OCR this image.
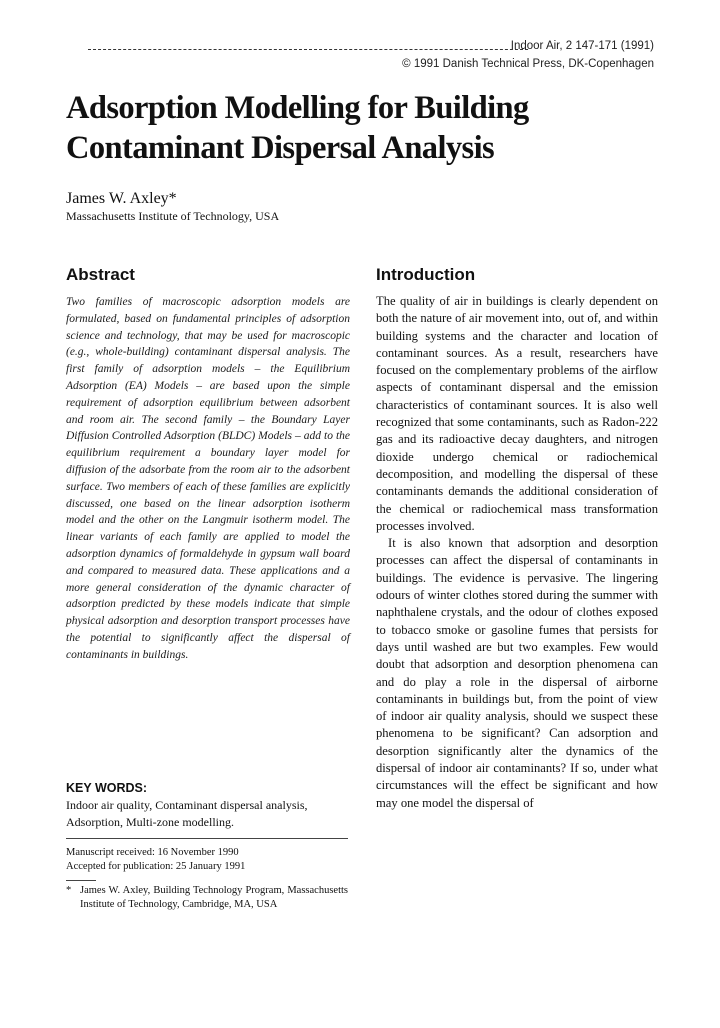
Indoor Air, 2 147-171 (1991)
© 1991 Danish Technical Press, DK-Copenhagen
Adsorption Modelling for Building
Contaminant Dispersal Analysis
James W. Axley*
Massachusetts Institute of Technology, USA
Abstract

Two families of macroscopic adsorption models are formulated, based on fundamental principles of adsorption science and technology, that may be used for macroscopic (e.g., whole-building) contaminant dispersal analysis. The first family of adsorption models – the Equilibrium Adsorption (EA) Models – are based upon the simple requirement of adsorption equilibrium between adsorbent and room air. The second family – the Boundary Layer Diffusion Controlled Adsorption (BLDC) Models – add to the equilibrium requirement a boundary layer model for diffusion of the adsorbate from the room air to the adsorbent surface. Two members of each of these families are explicitly discussed, one based on the linear adsorption isotherm model and the other on the Langmuir isotherm model. The linear variants of each family are applied to model the adsorption dynamics of formaldehyde in gypsum wall board and compared to measured data. These applications and a more general consideration of the dynamic character of adsorption predicted by these models indicate that simple physical adsorption and desorption transport processes have the potential to significantly affect the dispersal of contaminants in buildings.

KEY WORDS:

Indoor air quality, Contaminant dispersal analysis, Adsorption, Multi-zone modelling.

Manuscript received: 16 November 1990
Accepted for publication: 25 January 1991
* James W. Axley, Building Technology Program, Massachusetts Institute of Technology, Cambridge, MA, USA
Introduction

The quality of air in buildings is clearly dependent on both the nature of air movement into, out of, and within building systems and the character and location of contaminant sources. As a result, researchers have focused on the complementary problems of the airflow aspects of contaminant dispersal and the emission characteristics of contaminant sources. It is also well recognized that some contaminants, such as Radon-222 gas and its radioactive decay daughters, and nitrogen dioxide undergo chemical or radiochemical decomposition, and modelling the dispersal of these contaminants demands the additional consideration of the chemical or radiochemical mass transformation processes involved.

It is also known that adsorption and desorption processes can affect the dispersal of contaminants in buildings. The evidence is pervasive. The lingering odours of winter clothes stored during the summer with naphthalene crystals, and the odour of clothes exposed to tobacco smoke or gasoline fumes that persists for days until washed are but two examples. Few would doubt that adsorption and desorption phenomena can and do play a role in the dispersal of airborne contaminants in buildings but, from the point of view of indoor air quality analysis, should we suspect these phenomena to be significant? Can adsorption and desorption significantly alter the dynamics of the dispersal of indoor air contaminants? If so, under what circumstances will the effect be significant and how may one model the dispersal of
